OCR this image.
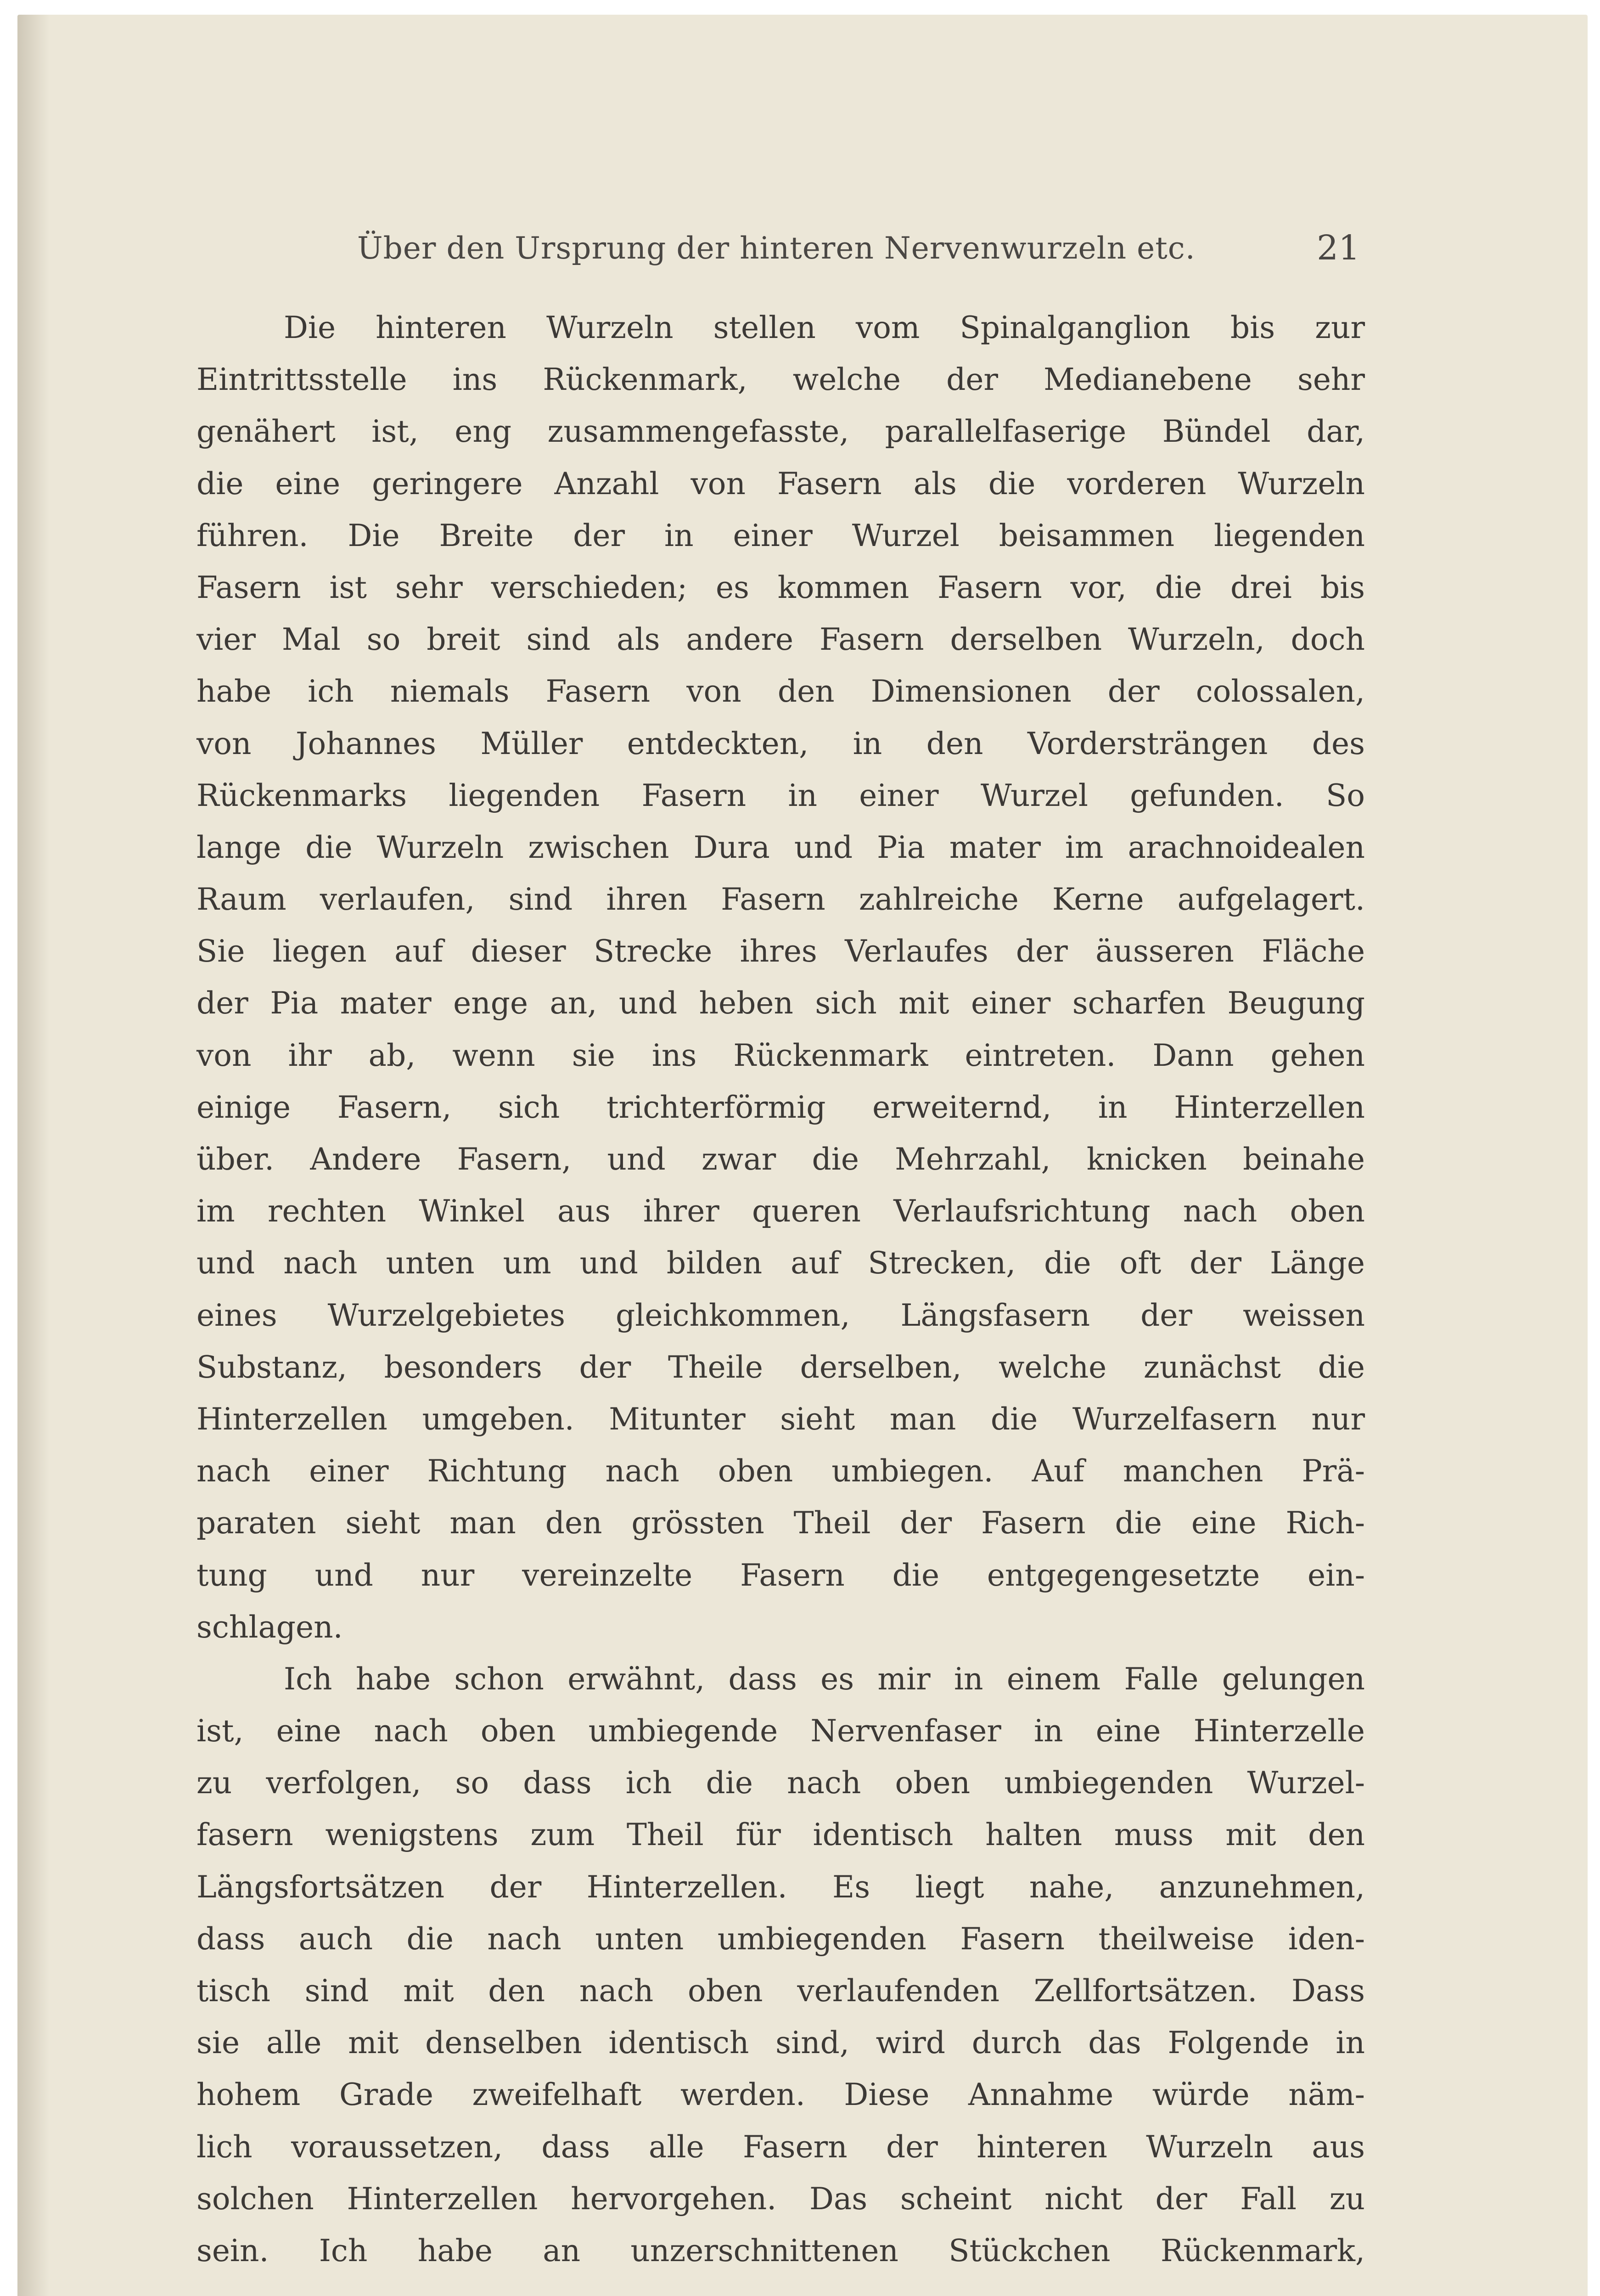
Über den Ursprung der hinteren Nervenwurzeln etc.	21
Die hinteren Wurzeln stellen vom Spinalganglion bis zur
Eintrittsstelle ins Rückenmark, welche der Medianebene sehr
genähert ist, eng zusammengefasste, parallelfaserige Bündel dar,
die eine geringere Anzahl von Fasern als die vorderen Wurzeln
führen. Die Breite der in einer Wurzel beisammen liegenden
Fasern ist sehr verschieden; es kommen Fasern vor, die drei bis
vier Mal so breit sind als andere Fasern derselben Wurzeln, doch
habe ich niemals Fasern von den Dimensionen der colossalen,
von Johannes Müller entdeckten, in den Vordersträngen des
Rückenmarks liegenden Fasern in einer Wurzel gefunden. So
lange die Wurzeln zwischen Dura und Pia mater im arachnoidealen
Raum verlaufen, sind ihren Fasern zahlreiche Kerne aufgelagert.
Sie liegen auf dieser Strecke ihres Verlaufes der äusseren Fläche
der Pia mater enge an, und heben sich mit einer scharfen Beugung
von ihr ab, wenn sie ins Rückenmark eintreten. Dann gehen
einige Fasern, sich trichterförmig erweiternd, in Hinterzellen
über. Andere Fasern, und zwar die Mehrzahl, knicken beinahe
im rechten Winkel aus ihrer queren Verlaufsrichtung nach oben
und nach unten um und bilden auf Strecken, die oft der Länge
eines Wurzelgebietes gleichkommen, Längsfasern der weissen
Substanz, besonders der Theile derselben, welche zunächst die
Hinterzellen umgeben. Mitunter sieht man die Wurzelfasern nur
nach einer Richtung nach oben umbiegen. Auf manchen Prä-
paraten sieht man den grössten Theil der Fasern die eine Rich-
tung und nur vereinzelte Fasern die entgegengesetzte ein-
schlagen.
Ich habe schon erwähnt, dass es mir in einem Falle gelungen
ist, eine nach oben umbiegende Nervenfaser in eine Hinterzelle
zu verfolgen, so dass ich die nach oben umbiegenden Wurzel-
fasern wenigstens zum Theil für identisch halten muss mit den
Längsfortsätzen der Hinterzellen. Es liegt nahe, anzunehmen,
dass auch die nach unten umbiegenden Fasern theilweise iden-
tisch sind mit den nach oben verlaufenden Zellfortsätzen. Dass
sie alle mit denselben identisch sind, wird durch das Folgende in
hohem Grade zweifelhaft werden. Diese Annahme würde näm-
lich voraussetzen, dass alle Fasern der hinteren Wurzeln aus
solchen Hinterzellen hervorgehen. Das scheint nicht der Fall zu
sein. Ich habe an unzerschnittenen Stückchen Rückenmark,
